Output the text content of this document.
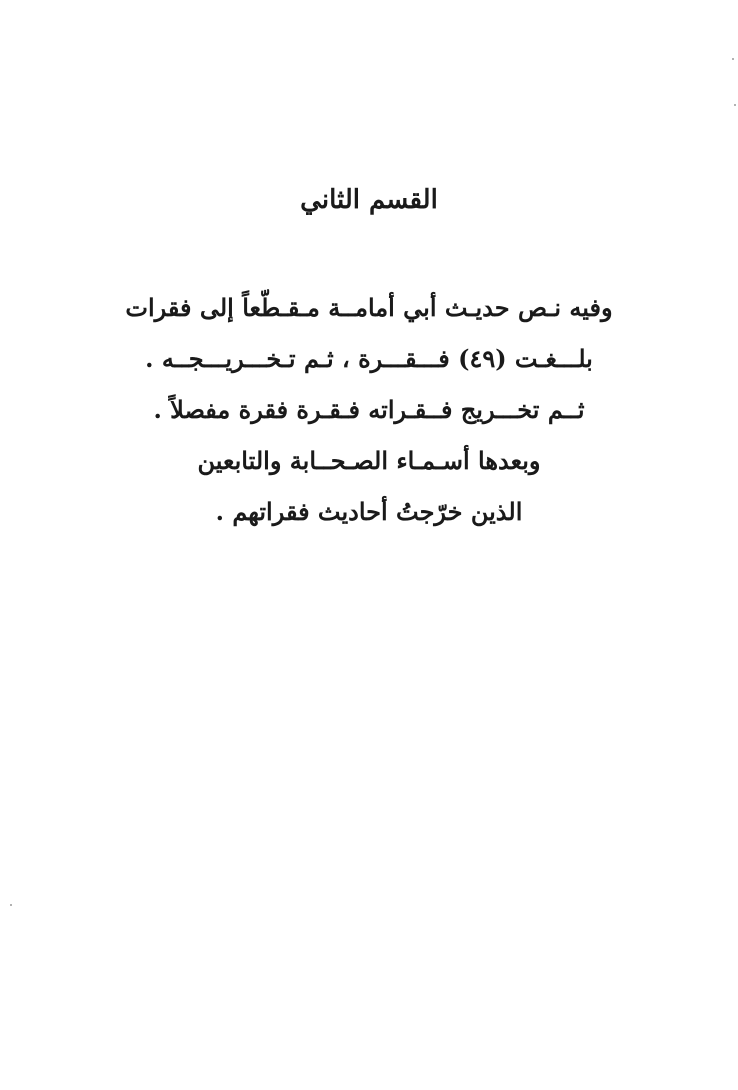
القسم الثاني
وفيه نـص حديـث أبي أمامــة مـقـطّعاً إلى فقرات
بلـــغـت (٤٩) فـــقـــرة ، ثـم تـخـــريـــجــه .
ثــم تخـــريج فــقـراته فـقـرة فقرة مفصلاً .
وبعدها أسـمـاء الصـحــابة والتابعين
الذين خرّجتُ أحاديث فقراتهم .
